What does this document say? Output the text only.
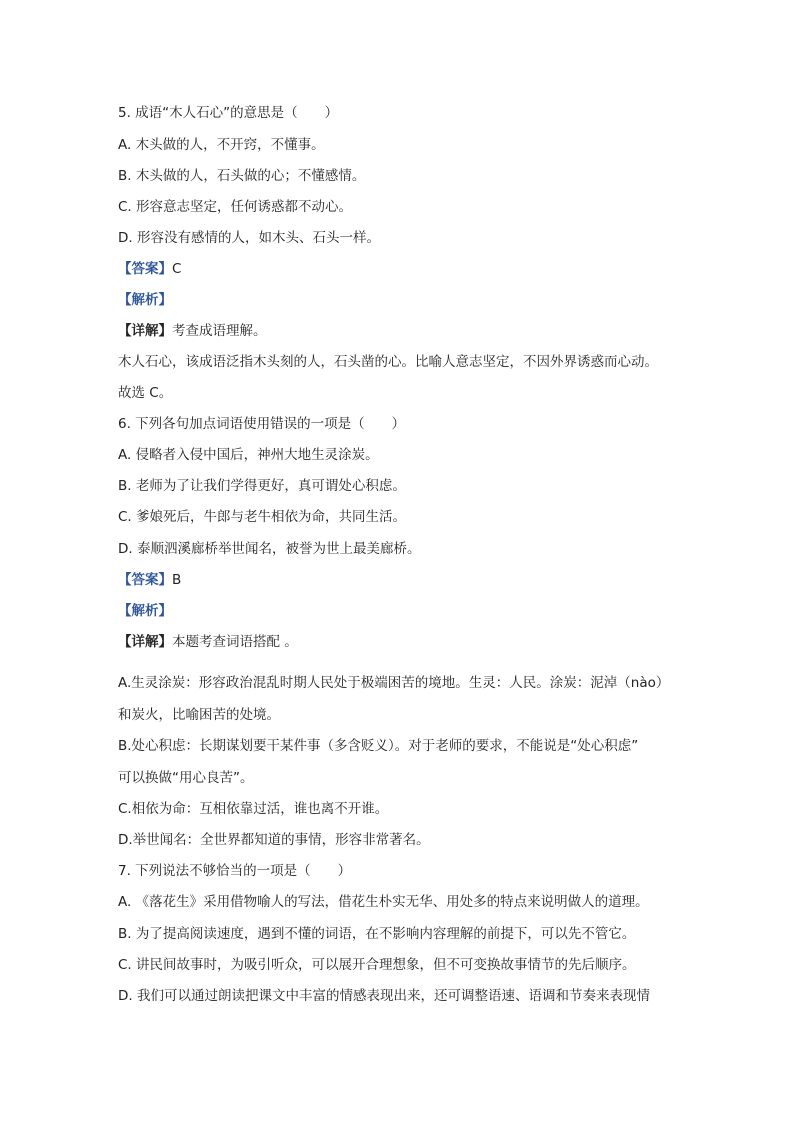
5. 成语“木人石心”的意思是（　　）
A. 木头做的人，不开窍，不懂事。
B. 木头做的人，石头做的心；不懂感情。
C. 形容意志坚定，任何诱惑都不动心。
D. 形容没有感情的人，如木头、石头一样。
【答案】C
【解析】
【详解】考查成语理解。
木人石心，该成语泛指木头刻的人，石头凿的心。比喻人意志坚定，不因外界诱惑而心动。
故选 C。
6. 下列各句加点词语使用错误的一项是（　　）
A. 侵略者入侵中国后，神州大地生灵涂炭。
B. 老师为了让我们学得更好，真可谓处心积虑。
C. 爹娘死后，牛郎与老牛相依为命，共同生活。
D. 泰顺泗溪廊桥举世闻名，被誉为世上最美廊桥。
【答案】B
【解析】
【详解】本题考查词语搭配 。
A.生灵涂炭：形容政治混乱时期人民处于极端困苦的境地。生灵：人民。涂炭：泥淖（nào）
和炭火，比喻困苦的处境。
B.处心积虑：长期谋划要干某件事（多含贬义）。对于老师的要求，不能说是“处心积虑”
可以换做“用心良苦”。
C.相依为命：互相依靠过活，谁也离不开谁。
D.举世闻名：全世界都知道的事情，形容非常著名。
7. 下列说法不够恰当的一项是（　　）
A. 《落花生》采用借物喻人的写法，借花生朴实无华、用处多的特点来说明做人的道理。
B. 为了提高阅读速度，遇到不懂的词语，在不影响内容理解的前提下，可以先不管它。
C. 讲民间故事时，为吸引听众，可以展开合理想象，但不可变换故事情节的先后顺序。
D. 我们可以通过朗读把课文中丰富的情感表现出来，还可调整语速、语调和节奏来表现情
